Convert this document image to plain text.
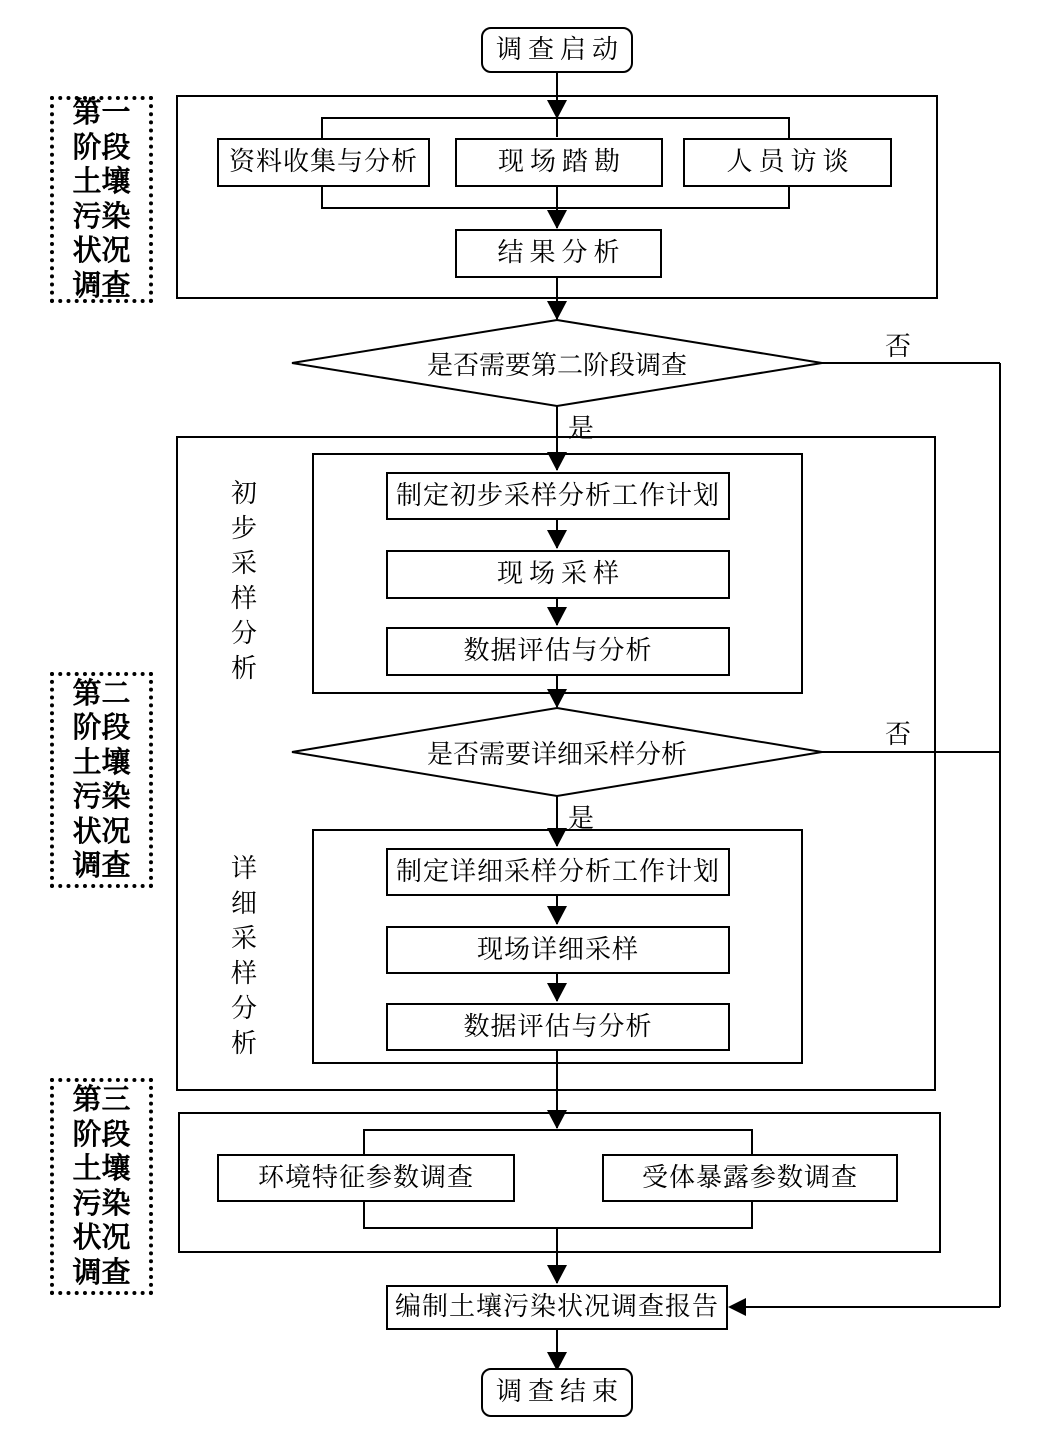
第一阶段土壤污染状况调查
第二阶段土壤污染状况调查
第三阶段土壤污染状况调查
调查启动
资料收集与分析	现场踏勘	人员访谈
结果分析
是否需要第二阶段调查
否
是
初步采样分析
制定初步采样分析工作计划
现场采样
数据评估与分析
是否需要详细采样分析
否
是
详细采样分析
制定详细采样分析工作计划
现场详细采样
数据评估与分析
环境特征参数调查	受体暴露参数调查
编制土壤污染状况调查报告
调查结束
